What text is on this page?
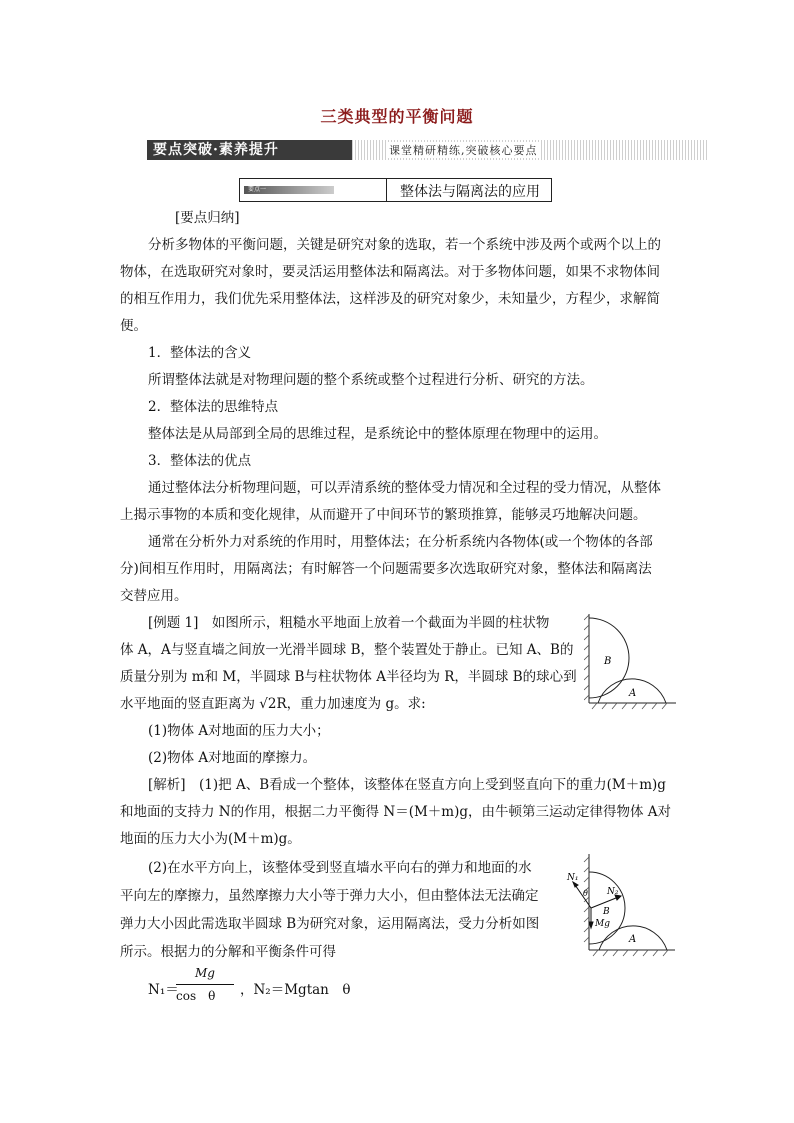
三类典型的平衡问题
要点突破·素养提升	课堂精研精练,突破核心要点
要点一	整体法与隔离法的应用
[要点归纳]
分析多物体的平衡问题，关键是研究对象的选取，若一个系统中涉及两个或两个以上的
物体，在选取研究对象时，要灵活运用整体法和隔离法。对于多物体问题，如果不求物体间
的相互作用力，我们优先采用整体法，这样涉及的研究对象少，未知量少，方程少，求解简
便。
1．整体法的含义
所谓整体法就是对物理问题的整个系统或整个过程进行分析、研究的方法。
2．整体法的思维特点
整体法是从局部到全局的思维过程，是系统论中的整体原理在物理中的运用。
3．整体法的优点
通过整体法分析物理问题，可以弄清系统的整体受力情况和全过程的受力情况，从整体
上揭示事物的本质和变化规律，从而避开了中间环节的繁琐推算，能够灵巧地解决问题。
通常在分析外力对系统的作用时，用整体法；在分析系统内各物体(或一个物体的各部
分)间相互作用时，用隔离法；有时解答一个问题需要多次选取研究对象，整体法和隔离法
交替应用。
[例题 1]　如图所示，粗糙水平地面上放着一个截面为半圆的柱状物
体 A，A与竖直墙之间放一光滑半圆球 B，整个装置处于静止。已知 A、B的
质量分别为 m和 M，半圆球 B与柱状物体 A半径均为 R，半圆球 B的球心到
水平地面的竖直距离为 √2R，重力加速度为 g。求:
(1)物体 A对地面的压力大小；
(2)物体 A对地面的摩擦力。
[解析]　(1)把 A、B看成一个整体，该整体在竖直方向上受到竖直向下的重力(M＋m)g
和地面的支持力 N的作用，根据二力平衡得 N＝(M＋m)g，由牛顿第三运动定律得物体 A对
地面的压力大小为(M＋m)g。
(2)在水平方向上，该整体受到竖直墙水平向右的弹力和地面的水
平向左的摩擦力，虽然摩擦力大小等于弹力大小，但由整体法无法确定
弹力大小因此需选取半圆球 B为研究对象，运用隔离法，受力分析如图
所示。根据力的分解和平衡条件可得
N₁＝
Mg
cos　θ	，N₂＝Mgtan　θ
B
A
N₁
θ N₂
B
Mg
A
